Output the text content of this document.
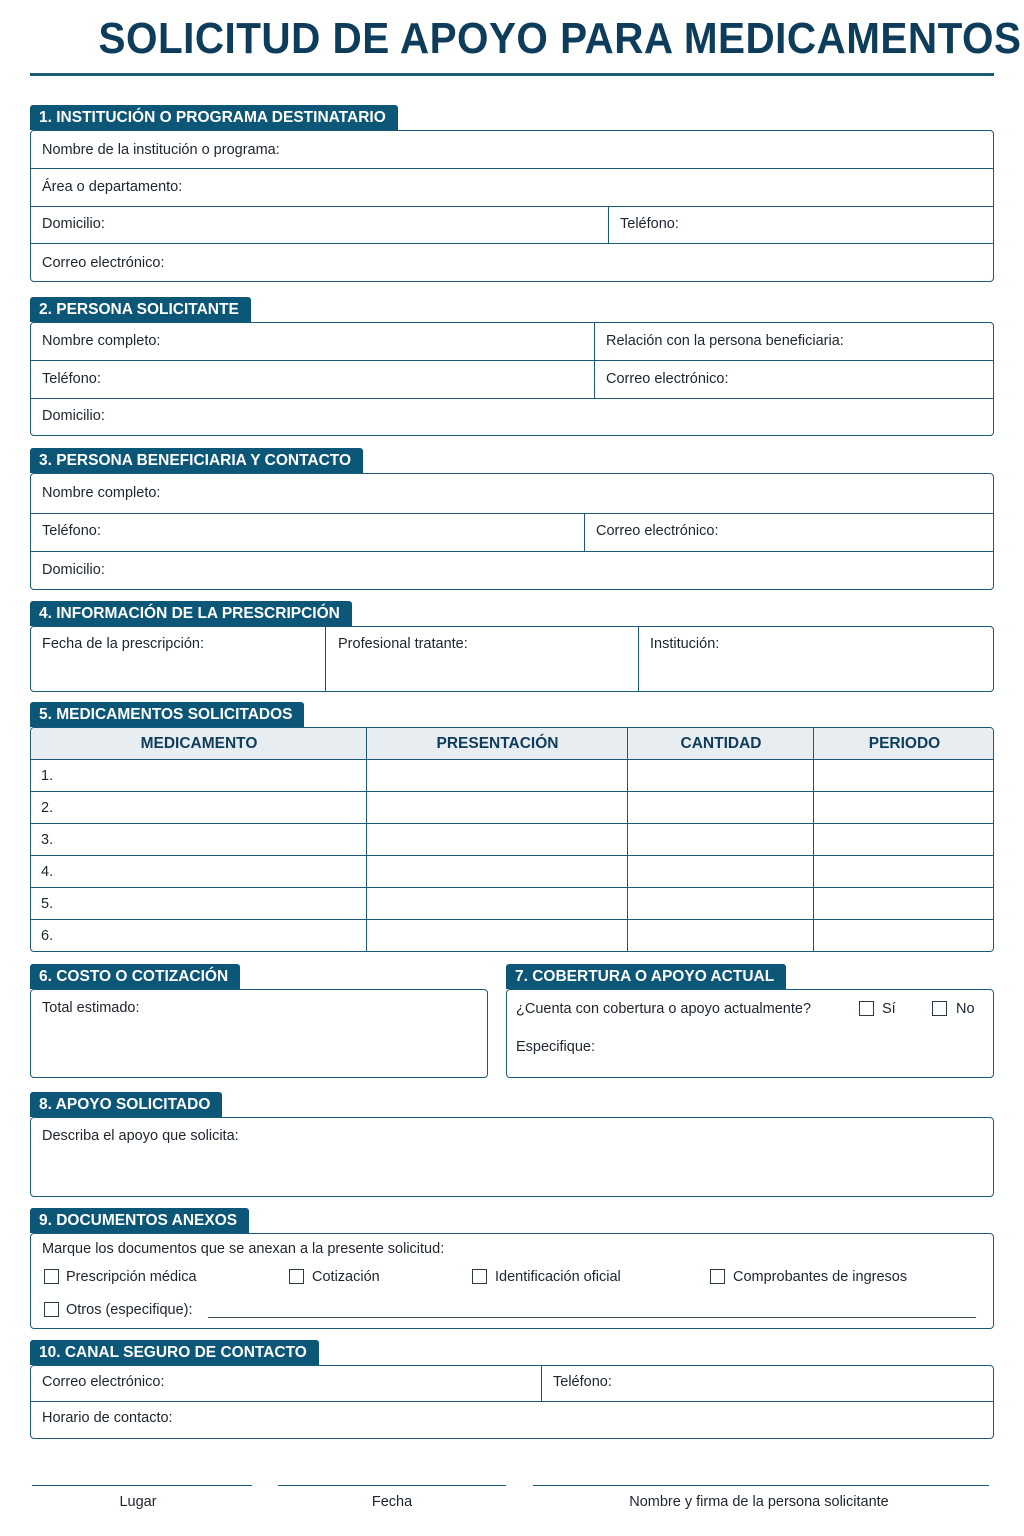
SOLICITUD DE APOYO PARA MEDICAMENTOS
1. INSTITUCIÓN O PROGRAMA DESTINATARIO
Nombre de la institución o programa:
Área o departamento:
Domicilio:	Teléfono:
Correo electrónico:
2. PERSONA SOLICITANTE
Nombre completo:	Relación con la persona beneficiaria:
Teléfono:	Correo electrónico:
Domicilio:
3. PERSONA BENEFICIARIA Y CONTACTO
Nombre completo:
Teléfono:	Correo electrónico:
Domicilio:
4. INFORMACIÓN DE LA PRESCRIPCIÓN
Fecha de la prescripción:	Profesional tratante:	Institución:
5. MEDICAMENTOS SOLICITADOS
MEDICAMENTO	PRESENTACIÓN	CANTIDAD	PERIODO
1.
2.
3.
4.
5.
6.
6. COSTO O COTIZACIÓN
Total estimado:
7. COBERTURA O APOYO ACTUAL
¿Cuenta con cobertura o apoyo actualmente?	Sí	No
Especifique:
8. APOYO SOLICITADO
Describa el apoyo que solicita:
9. DOCUMENTOS ANEXOS
Marque los documentos que se anexan a la presente solicitud:
Prescripción médica	Cotización	Identificación oficial	Comprobantes de ingresos
Otros (especifique):
10. CANAL SEGURO DE CONTACTO
Correo electrónico:	Teléfono:
Horario de contacto:
Lugar	Fecha	Nombre y firma de la persona solicitante
